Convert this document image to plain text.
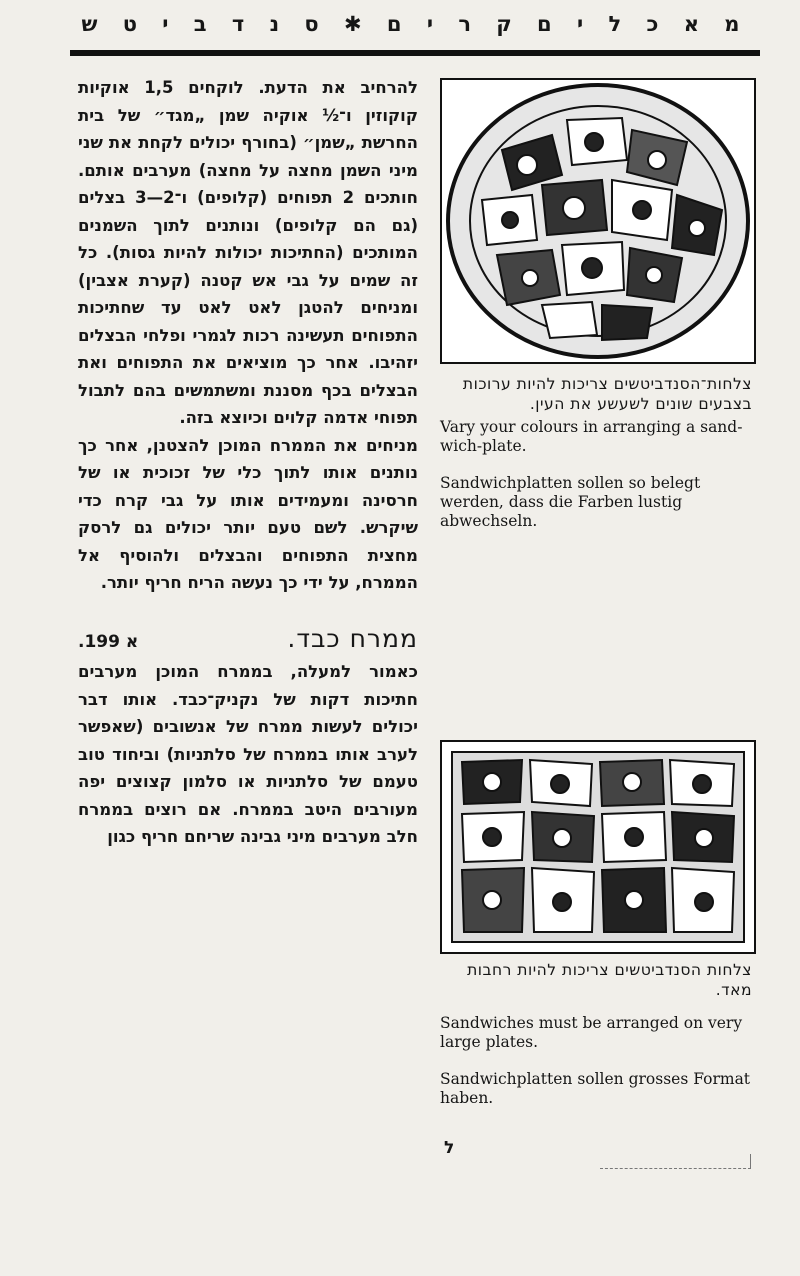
מ א כ ל י ם ק ר י ם ✱ ס נ ד ב י ט ש

להרחיב את הדעת. לוקחים 1,5 אוקיות קוקוזין ו־½ אוקיה שמן „מגד״ של בית החרשת „שמן״ (בחורף יכולים לקחת את שני מיני השמן מחצה על מחצה) מערבים אותם. חותכים 2 תפוחים (קלופים) ו־2—3 בצלים (גם הם קלופים) ונותנים לתוך השמנים המותכים (החתיכות יכולות להיות גסות). כל זה שמים על גבי אש קטנה (קערת אצבין) ומניחים להטגן לאט לאט עד שחתיכות התפוחים תעשינה רכות לגמרי ופלחי הבצלים יזהיבו. אחר כך מוציאים את התפוחים ואת הבצלים בכף מסננת ומשתמשים בהם לתבול תפוחי אדמה קלוים וכיוצא בזה.

מניחים את הממרח המוכן להצטנן, אחר כך נותנים אותו לתוך כלי של זכוכית או של חרסינה ומעמידים אותו על גבי קרח כדי שיקרש. לשם טעם יותר יכולים גם לרסק מחצית התפוחים והבצלים ולהוסיף אל הממרח, על ידי כך נעשה הריח חריף יותר.

ממרח כבד.
א 199.

כאמור למעלה, בממרח המוכן מערבים חתיכות דקות של נקניק־כבד. אותו דבר יכולים לעשות ממרח של אנשובים (שאפשר לערב אותו בממרח של סלתניות) וביחוד טוב טעמם של סלתניות או סלמון קצוצים יפה מעורבים היטב בממרח. אם רוצים בממרח חלב מערבים מיני גבינה שריחם חריף כגון

צלחות־הסנדביטשים צריכות להיות ערוכות בצבעים שונים לשעשע את העין.
Vary your colours in arranging a sandwich-plate.
Sandwichplatten sollen so belegt werden, dass die Farben lustig abwechseln.
צלחות הסנדביטשים צריכות להיות רחבות מאד.
Sandwiches must be arranged on very large plates.
Sandwichplatten sollen grosses Format haben.
ל
